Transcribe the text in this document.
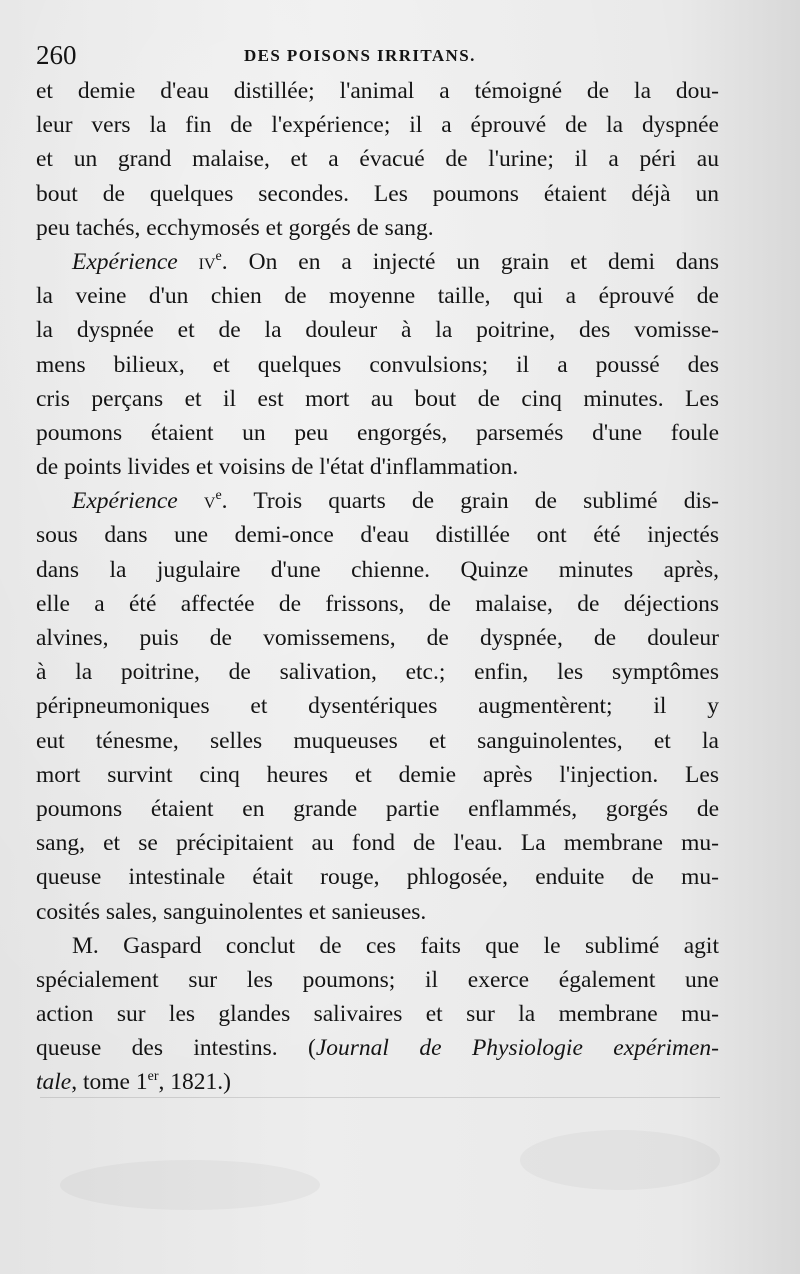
260	DES POISONS IRRITANS.
et demie d'eau distillée; l'animal a témoigné de la dou-
leur vers la fin de l'expérience; il a éprouvé de la dyspnée
et un grand malaise, et a évacué de l'urine; il a péri au
bout de quelques secondes. Les poumons étaient déjà un
peu tachés, ecchymosés et gorgés de sang.
Expérience $iv^e$. On en a injecté un grain et demi dans
la veine d'un chien de moyenne taille, qui a éprouvé de
la dyspnée et de la douleur à la poitrine, des vomisse-
mens bilieux, et quelques convulsions; il a poussé des
cris perçans et il est mort au bout de cinq minutes. Les
poumons étaient un peu engorgés, parsemés d'une foule
de points livides et voisins de l'état d'inflammation.
Expérience $v^e$. Trois quarts de grain de sublimé dis-
sous dans une demi-once d'eau distillée ont été injectés
dans la jugulaire d'une chienne. Quinze minutes après,
elle a été affectée de frissons, de malaise, de déjections
alvines, puis de vomissemens, de dyspnée, de douleur
à la poitrine, de salivation, etc.; enfin, les symptômes
péripneumoniques et dysentériques augmentèrent; il y
eut ténesme, selles muqueuses et sanguinolentes, et la
mort survint cinq heures et demie après l'injection. Les
poumons étaient en grande partie enflammés, gorgés de
sang, et se précipitaient au fond de l'eau. La membrane mu-
queuse intestinale était rouge, phlogosée, enduite de mu-
cosités sales, sanguinolentes et sanieuses.
M. Gaspard conclut de ces faits que le sublimé agit
spécialement sur les poumons; il exerce également une
action sur les glandes salivaires et sur la membrane mu-
queuse des intestins. (Journal de Physiologie expérimen-
tale, tome 1er, 1821.)
